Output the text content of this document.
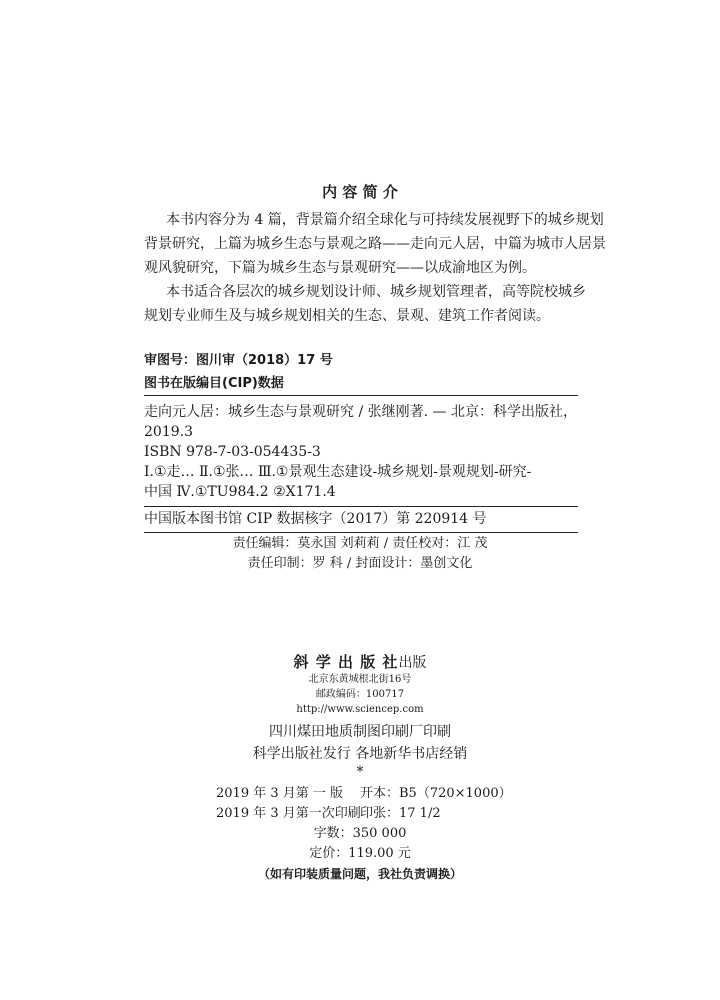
内 容 简 介
本书内容分为 4 篇，背景篇介绍全球化与可持续发展视野下的城乡规划
背景研究，上篇为城乡生态与景观之路——走向元人居，中篇为城市人居景
观风貌研究，下篇为城乡生态与景观研究——以成渝地区为例。
本书适合各层次的城乡规划设计师、城乡规划管理者，高等院校城乡
规划专业师生及与城乡规划相关的生态、景观、建筑工作者阅读。
审图号：图川审（2018）17 号
图书在版编目(CIP)数据
走向元人居：城乡生态与景观研究 / 张继刚著. — 北京：科学出版社，
2019.3
ISBN 978-7-03-054435-3
Ⅰ.①走… Ⅱ.①张… Ⅲ.①景观生态建设-城乡规划-景观规划-研究-
中国 Ⅳ.①TU984.2 ②X171.4
中国版本图书馆 CIP 数据核字（2017）第 220914 号
责任编辑：莫永国 刘莉莉 / 责任校对：江 茂
责任印制：罗 科 / 封面设计：墨创文化
斜 学 出 版 社出版
北京东黄城根北街16号
邮政编码：100717
http://www.sciencep.com
四川煤田地质制图印刷厂印刷
科学出版社发行 各地新华书店经销
*
2019 年 3 月第 一 版 开本：B5（720×1000）
2019 年 3 月第一次印刷 印张：17 1/2
字数：350 000
定价：119.00 元
（如有印装质量问题，我社负责调换）
